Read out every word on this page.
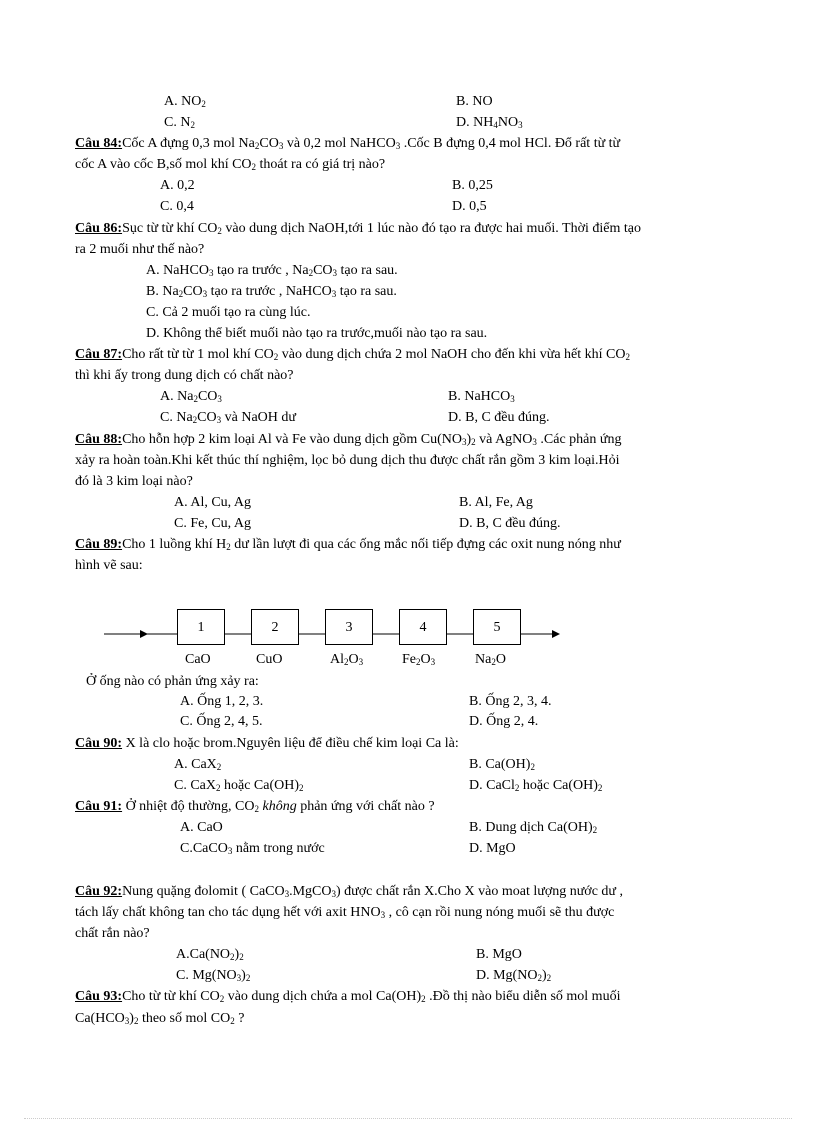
A. $NO_2$	B. NO
C. $N_2$	D. $NH_4NO_3$
Câu 84:Cốc A đựng 0,3 mol $Na_2CO_3$ và 0,2 mol NaHCO$_3$ .Cốc B đựng 0,4 mol HCl. Đổ rất từ từ
cốc A vào cốc B,số mol khí $CO_2$ thoát ra có giá trị nào?
A. 0,2	B. 0,25
C. 0,4	D. 0,5
Câu 86:Sục từ từ khí $CO_2$ vào dung dịch NaOH,tới 1 lúc nào đó tạo ra được hai muối. Thời điểm tạo
ra 2 muối như thế nào?
A. NaHCO$_3$ tạo ra trước , $Na_2CO_3$ tạo ra sau.
B. $Na_2CO_3$ tạo ra trước , NaHCO$_3$ tạo ra sau.
C. Cả 2 muối tạo ra cùng lúc.
D. Không thể biết muối nào tạo ra trước,muối nào tạo ra sau.
Câu 87:Cho rất từ từ 1 mol khí $CO_2$ vào dung dịch chứa 2 mol NaOH cho đến khi vừa hết khí $CO_2$
thì khi ấy trong dung dịch có chất nào?
A. $Na_2CO_3$	B. NaHCO$_3$
C. $Na_2CO_3$ và NaOH dư	D. B, C đều đúng.
Câu 88:Cho hỗn hợp 2 kim loại Al và Fe vào dung dịch gồm $Cu(NO_3)_2$ và AgNO$_3$ .Các phản ứng
xảy ra hoàn toàn.Khi kết thúc thí nghiệm, lọc bỏ dung dịch thu được chất rắn gồm 3 kim loại.Hỏi
đó là 3 kim loại nào?
A. Al, Cu, Ag	B. Al, Fe, Ag
C. Fe, Cu, Ag	D. B, C đều đúng.
Câu 89:Cho 1 luồng khí $H_2$ dư lần lượt đi qua các ống mắc nối tiếp đựng các oxit nung nóng như
hình vẽ sau:
1	2	3	4	5
CaO	CuO	$Al_2O_3$	$Fe_2O_3$	$Na_2O$
Ở ống nào có phản ứng xảy ra:
A. Ống 1, 2, 3.	B. Ống 2, 3, 4.
C. Ống 2, 4, 5.	D. Ống 2, 4.
Câu 90: X là clo hoặc brom.Nguyên liệu để điều chế kim loại Ca là:
A. CaX$_2$	B. $Ca(OH)_2$
C. CaX$_2$ hoặc $Ca(OH)_2$	D. CaCl$_2$ hoặc $Ca(OH)_2$
Câu 91: Ở nhiệt độ thường, $CO_2$ không phản ứng với chất nào ?
A. CaO	B. Dung dịch $Ca(OH)_2$
C.CaCO$_3$ nằm trong nước	D. MgO
Câu 92:Nung quặng đolomit ( CaCO$_3$.MgCO$_3$) được chất rắn X.Cho X vào moat lượng nước dư ,
tách lấy chất không tan cho tác dụng hết với axit $HNO_3$ , cô cạn rồi nung nóng muối sẽ thu được
chất rắn nào?
$A.Ca(NO_2)_2$	B. MgO
C. $Mg(NO_3)_2$	D. $Mg(NO_2)_2$
Câu 93:Cho từ từ khí $CO_2$ vào dung dịch chứa a mol $Ca(OH)_2$ .Đồ thị nào biểu diễn số mol muối
$Ca(HCO_3)_2$ theo số mol $CO_2$ ?
